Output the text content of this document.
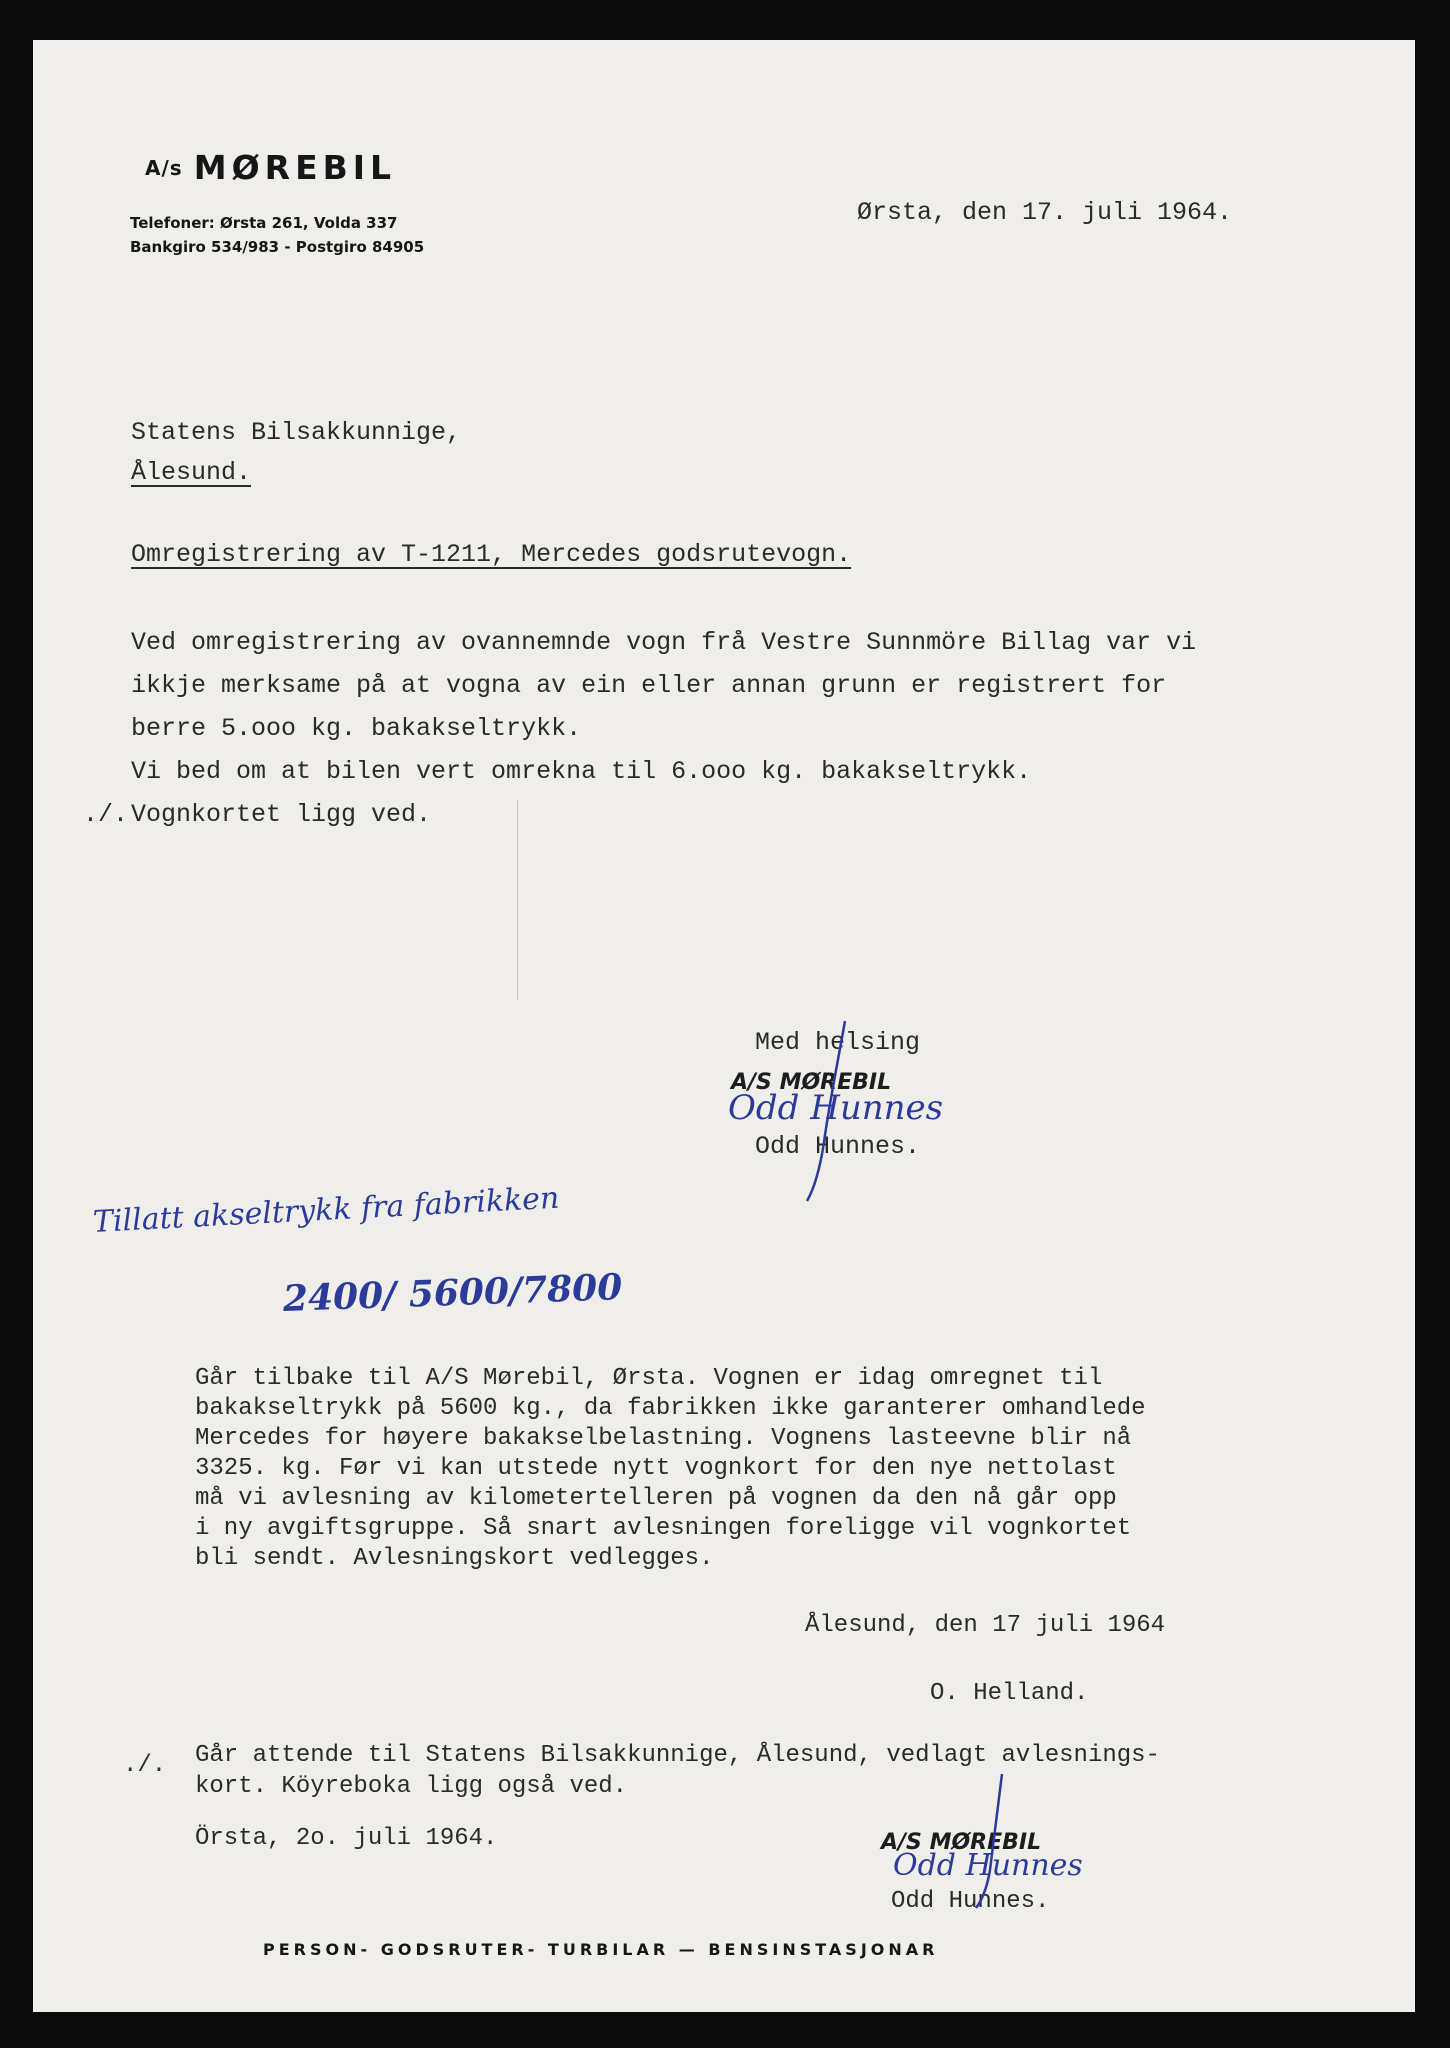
A/s MØREBIL
Telefoner: Ørsta 261, Volda 337
Bankgiro 534/983 - Postgiro 84905
Ørsta, den 17. juli 1964.
Statens Bilsakkunnige,
Ålesund.
Omregistrering av T-1211, Mercedes godsrutevogn.
Ved omregistrering av ovannemnde vogn frå Vestre Sunnmöre Billag var vi
ikkje merksame på at vogna av ein eller annan grunn er registrert for
berre 5.ooo kg. bakakseltrykk.
Vi bed om at bilen vert omrekna til 6.ooo kg. bakakseltrykk.
./. Vognkortet ligg ved.
Med helsing
A/S MØREBIL
Odd Hunnes
Odd Hunnes.
Tillatt akseltrykk fra fabrikken
2400/ 5600/7800
Går tilbake til A/S Mørebil, Ørsta. Vognen er idag omregnet til
bakakseltrykk på 5600 kg., da fabrikken ikke garanterer omhandlede
Mercedes for høyere bakakselbelastning. Vognens lasteevne blir nå
3325. kg. Før vi kan utstede nytt vognkort for den nye nettolast
må vi avlesning av kilometertelleren på vognen da den nå går opp
i ny avgiftsgruppe. Så snart avlesningen foreligge vil vognkortet
bli sendt. Avlesningskort vedlegges.
Ålesund, den 17 juli 1964
O. Helland.
./. Går attende til Statens Bilsakkunnige, Ålesund, vedlagt avlesnings-
kort. Köyreboka ligg også ved.
Örsta, 2o. juli 1964.	A/S MØREBIL
Odd Hunnes
Odd Hunnes.
PERSON- GODSRUTER- TURBILAR — BENSINSTASJONAR
